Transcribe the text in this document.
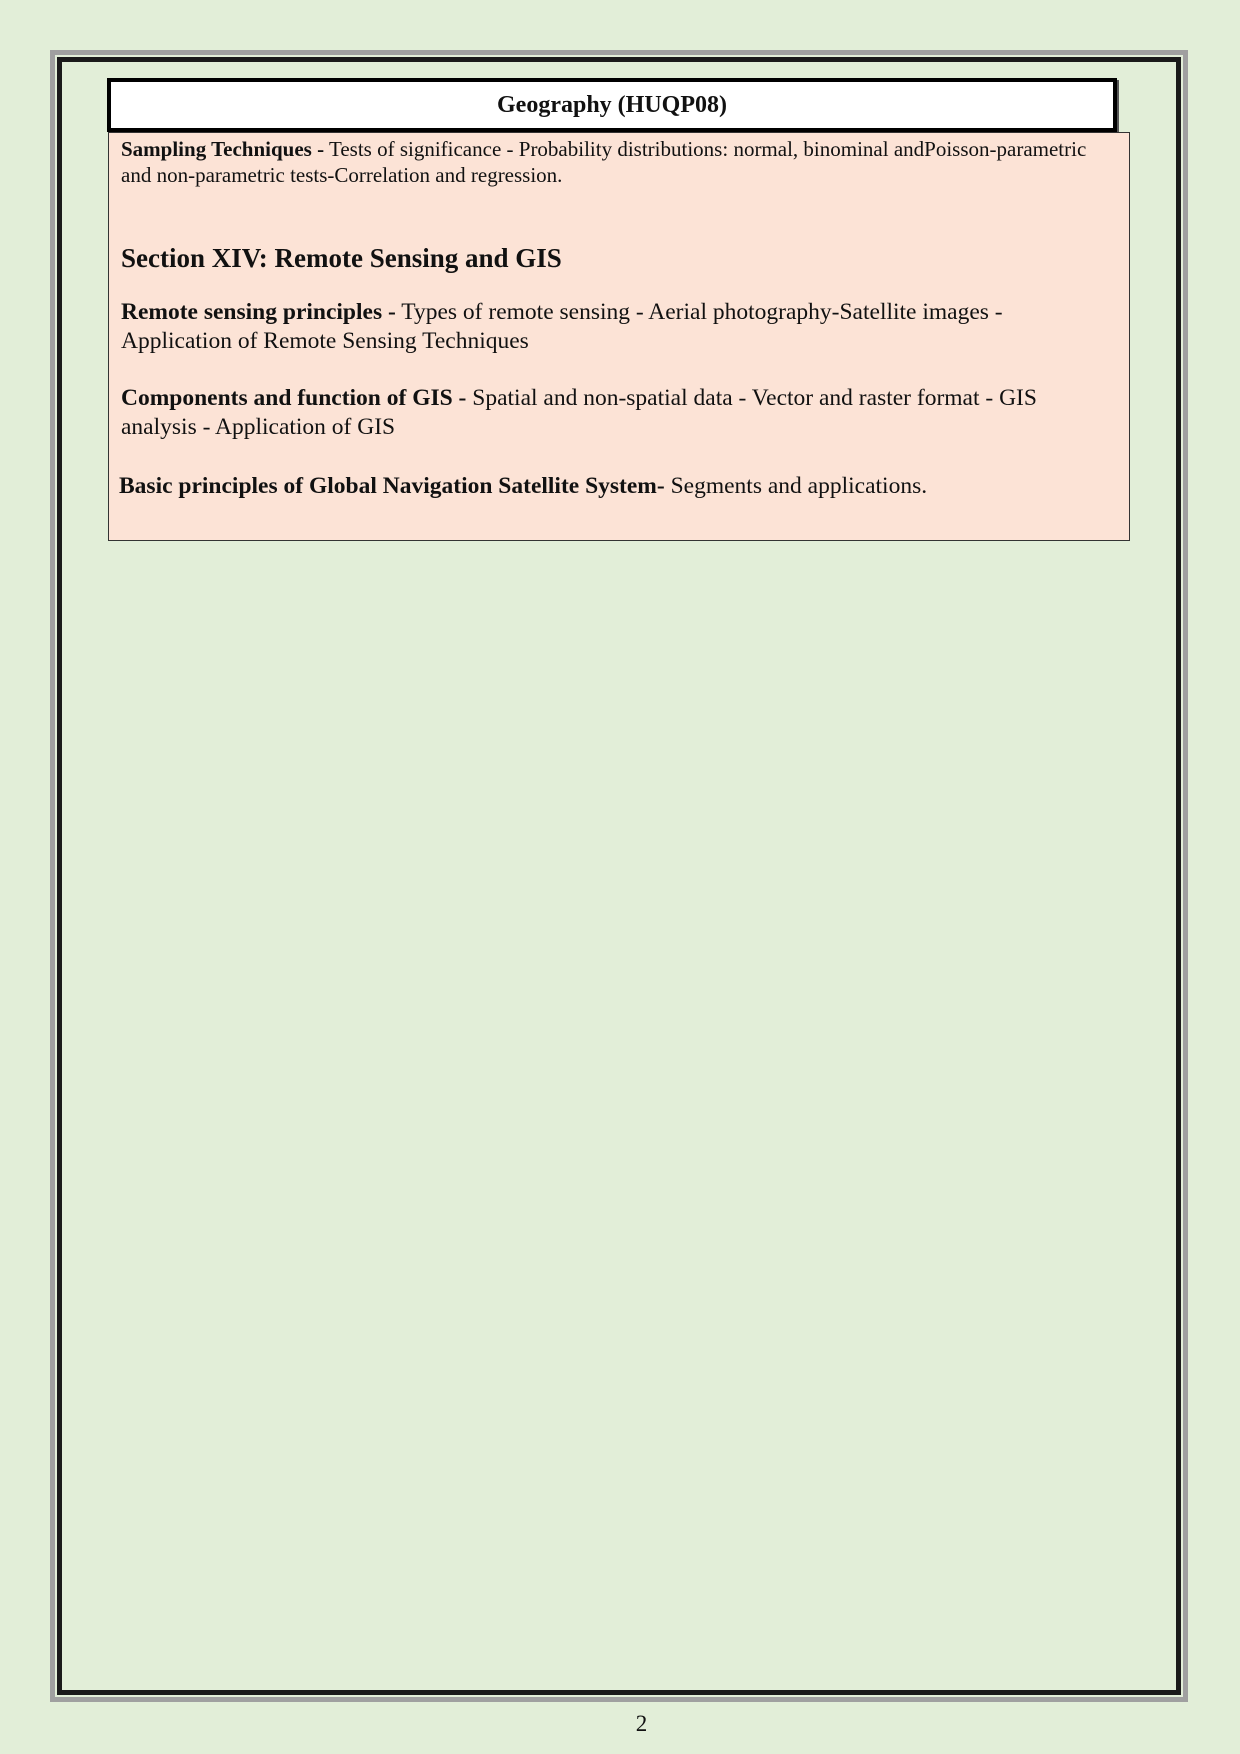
Geography (HUQP08)

Sampling Techniques - Tests of significance - Probability distributions: normal, binominal andPoisson-parametric and non-parametric tests-Correlation and regression.

Section XIV: Remote Sensing and GIS

Remote sensing principles - Types of remote sensing - Aerial photography-Satellite images - Application of Remote Sensing Techniques

Components and function of GIS - Spatial and non-spatial data - Vector and raster format - GIS analysis - Application of GIS

Basic principles of Global Navigation Satellite System- Segments and applications.

2
